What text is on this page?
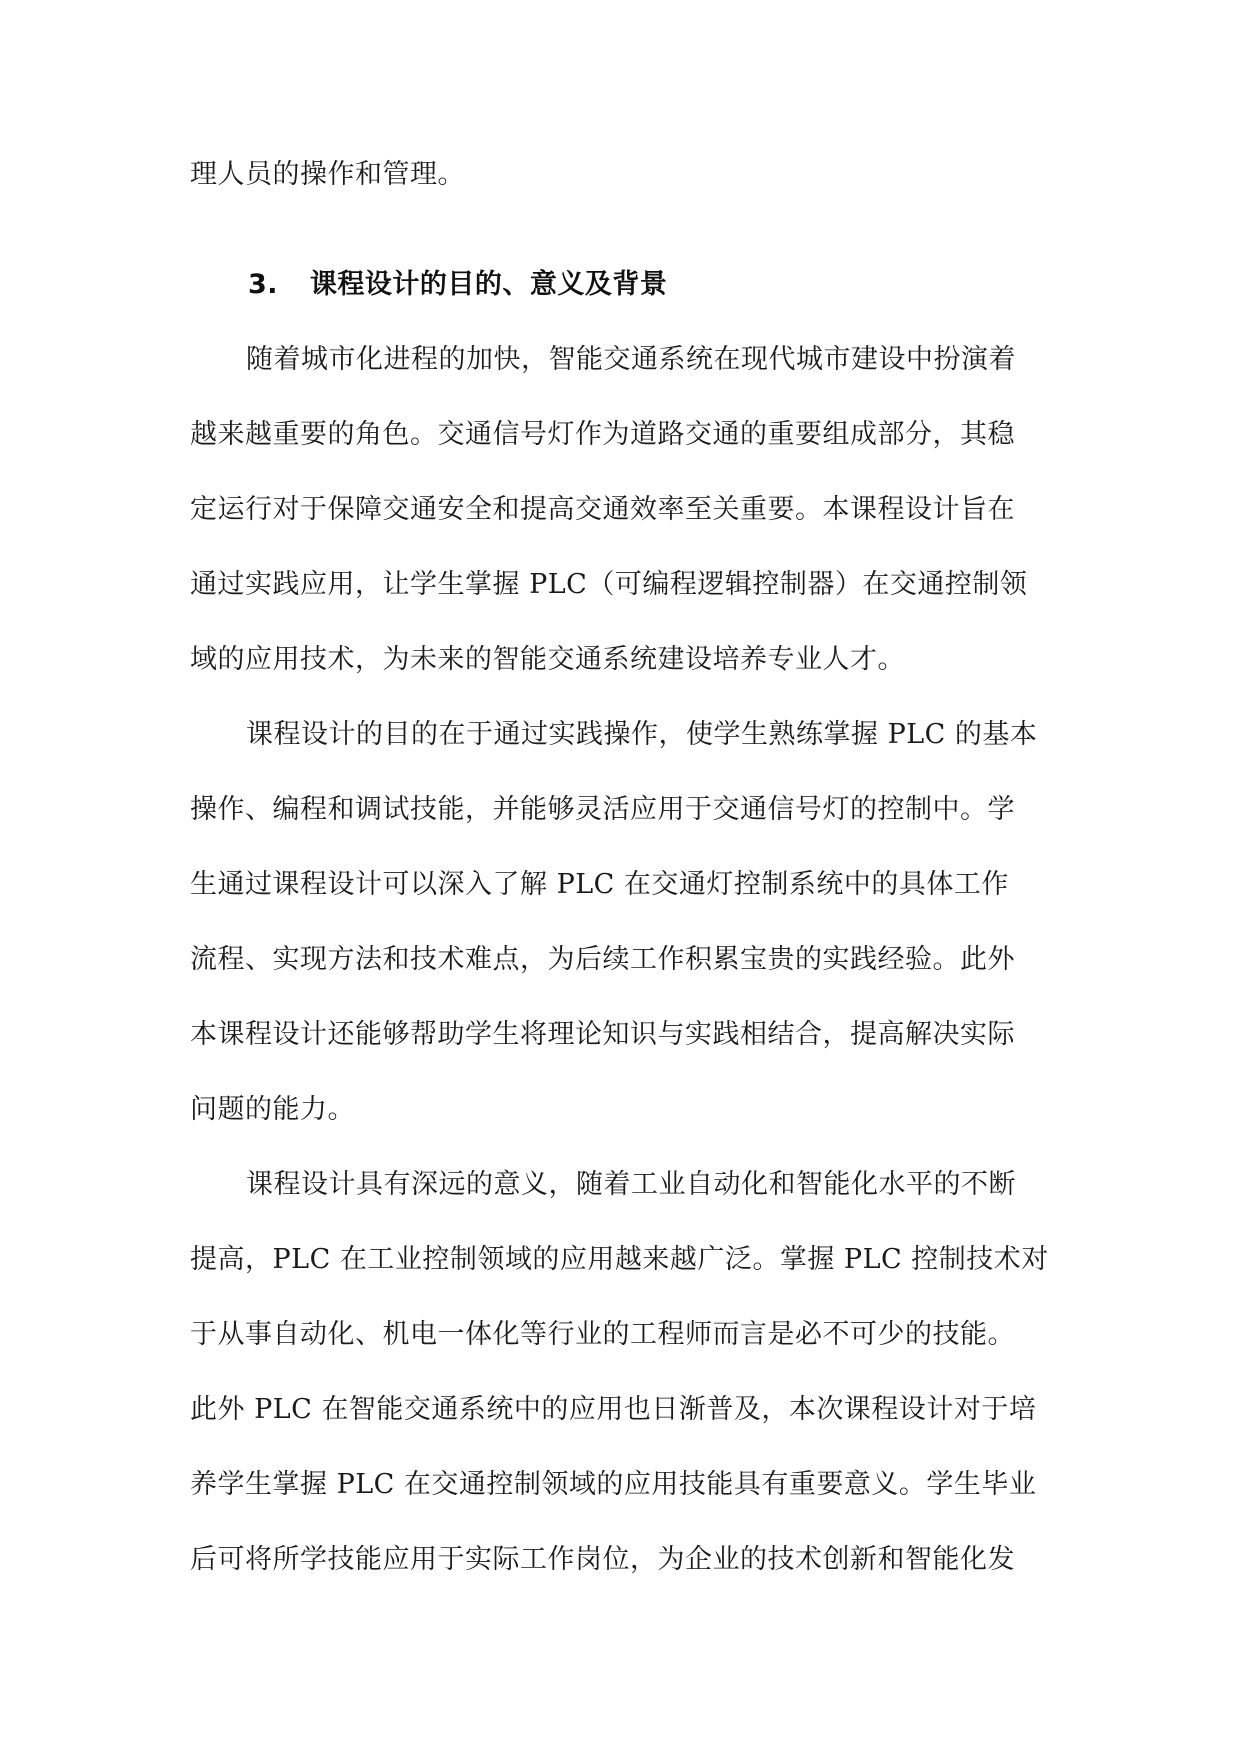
理人员的操作和管理。
3. 课程设计的目的、意义及背景
随着城市化进程的加快，智能交通系统在现代城市建设中扮演着
越来越重要的角色。交通信号灯作为道路交通的重要组成部分，其稳
定运行对于保障交通安全和提高交通效率至关重要。本课程设计旨在
通过实践应用，让学生掌握 PLC（可编程逻辑控制器）在交通控制领
域的应用技术，为未来的智能交通系统建设培养专业人才。
课程设计的目的在于通过实践操作，使学生熟练掌握 PLC 的基本
操作、编程和调试技能，并能够灵活应用于交通信号灯的控制中。学
生通过课程设计可以深入了解 PLC 在交通灯控制系统中的具体工作
流程、实现方法和技术难点，为后续工作积累宝贵的实践经验。此外
本课程设计还能够帮助学生将理论知识与实践相结合，提高解决实际
问题的能力。
课程设计具有深远的意义，随着工业自动化和智能化水平的不断
提高，PLC 在工业控制领域的应用越来越广泛。掌握 PLC 控制技术对
于从事自动化、机电一体化等行业的工程师而言是必不可少的技能。
此外 PLC 在智能交通系统中的应用也日渐普及，本次课程设计对于培
养学生掌握 PLC 在交通控制领域的应用技能具有重要意义。学生毕业
后可将所学技能应用于实际工作岗位，为企业的技术创新和智能化发
